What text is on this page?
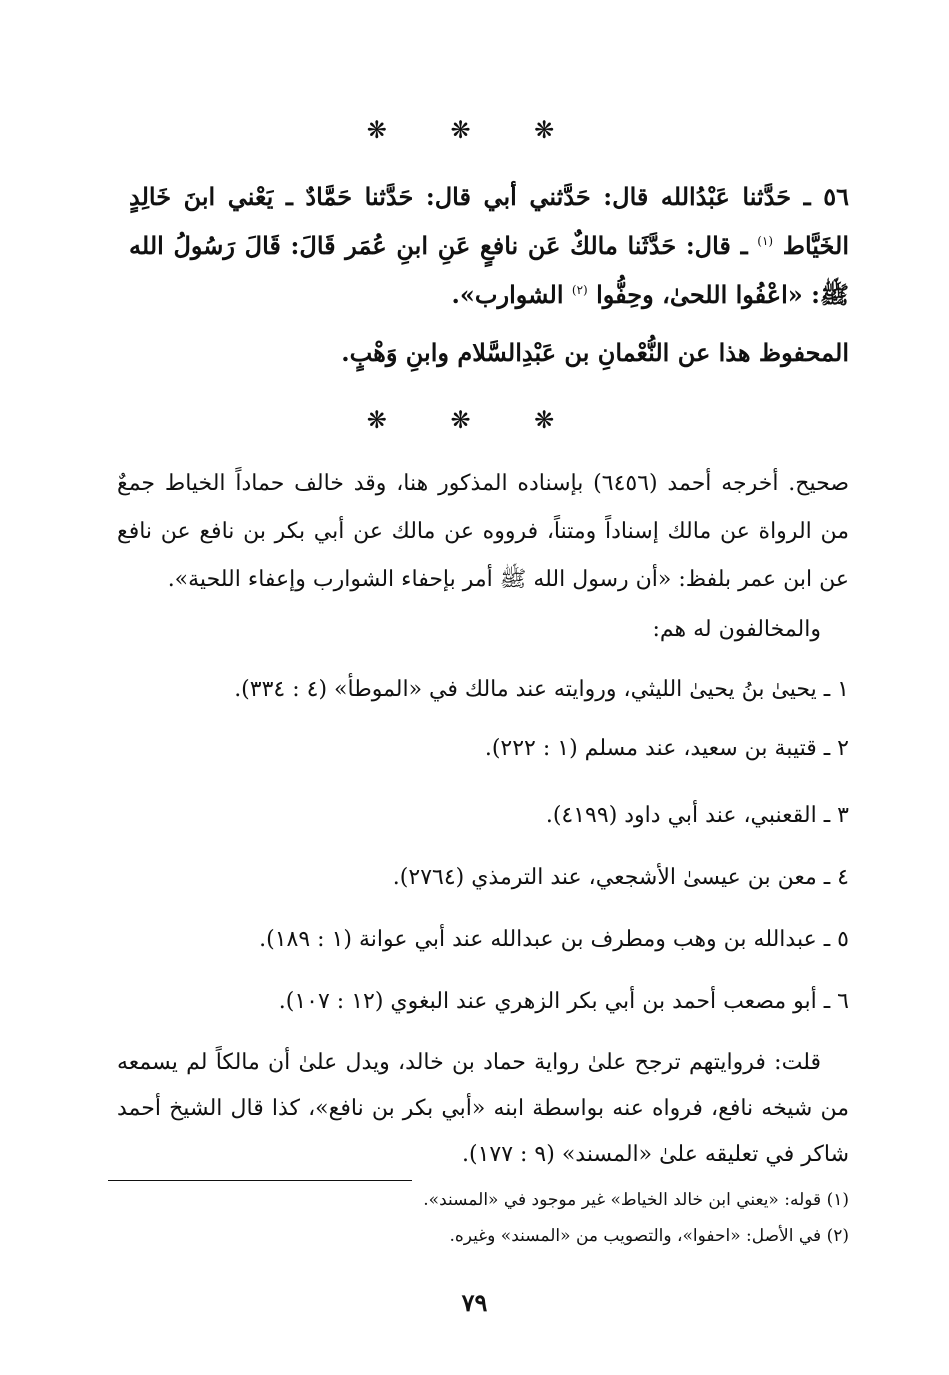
❋ ❋ ❋
٥٦ ـ حَدَّثنا عَبْدُالله قال: حَدَّثني أبي قال: حَدَّثنا حَمَّادٌ ـ يَعْني ابنَ خَالِدٍ الخَيَّاط $^{(١)}$ ـ قال: حَدَّثَنا مالكٌ عَن نافعٍ عَنِ ابنِ عُمَر قَالَ: قَالَ رَسُولُ الله ﷺ: «اعْفُوا اللحىٰ، وحِفُّوا $^{(٢)}$ الشوارب».
المحفوظ هذا عن النُّعْمانِ بن عَبْدِالسَّلام وابنِ وَهْبٍ.
❋ ❋ ❋
صحيح. أخرجه أحمد (٦٤٥٦) بإسناده المذكور هنا، وقد خالف حماداً الخياط جمعٌ من الرواة عن مالك إسناداً ومتناً، فرووه عن مالك عن أبي بكر بن نافع عن نافع عن ابن عمر بلفظ: «أن رسول الله ﷺ أمر بإحفاء الشوارب وإعفاء اللحية».
والمخالفون له هم:
١ ـ يحيىٰ بنُ يحيىٰ الليثي، وروايته عند مالك في «الموطأ» (٤ : ٣٣٤).
٢ ـ قتيبة بن سعيد، عند مسلم (١ : ٢٢٢).
٣ ـ القعنبي، عند أبي داود (٤١٩٩).
٤ ـ معن بن عيسىٰ الأشجعي، عند الترمذي (٢٧٦٤).
٥ ـ عبدالله بن وهب ومطرف بن عبدالله عند أبي عوانة (١ : ١٨٩).
٦ ـ أبو مصعب أحمد بن أبي بكر الزهري عند البغوي (١٢ : ١٠٧).
قلت: فروايتهم ترجح علىٰ رواية حماد بن خالد، ويدل علىٰ أن مالكاً لم يسمعه من شيخه نافع، فرواه عنه بواسطة ابنه «أبي بكر بن نافع»، كذا قال الشيخ أحمد شاكر في تعليقه علىٰ «المسند» (٩ : ١٧٧).
(١) قوله: «يعني ابن خالد الخياط» غير موجود في «المسند».
(٢) في الأصل: «احفوا»، والتصويب من «المسند» وغيره.
٧٩
